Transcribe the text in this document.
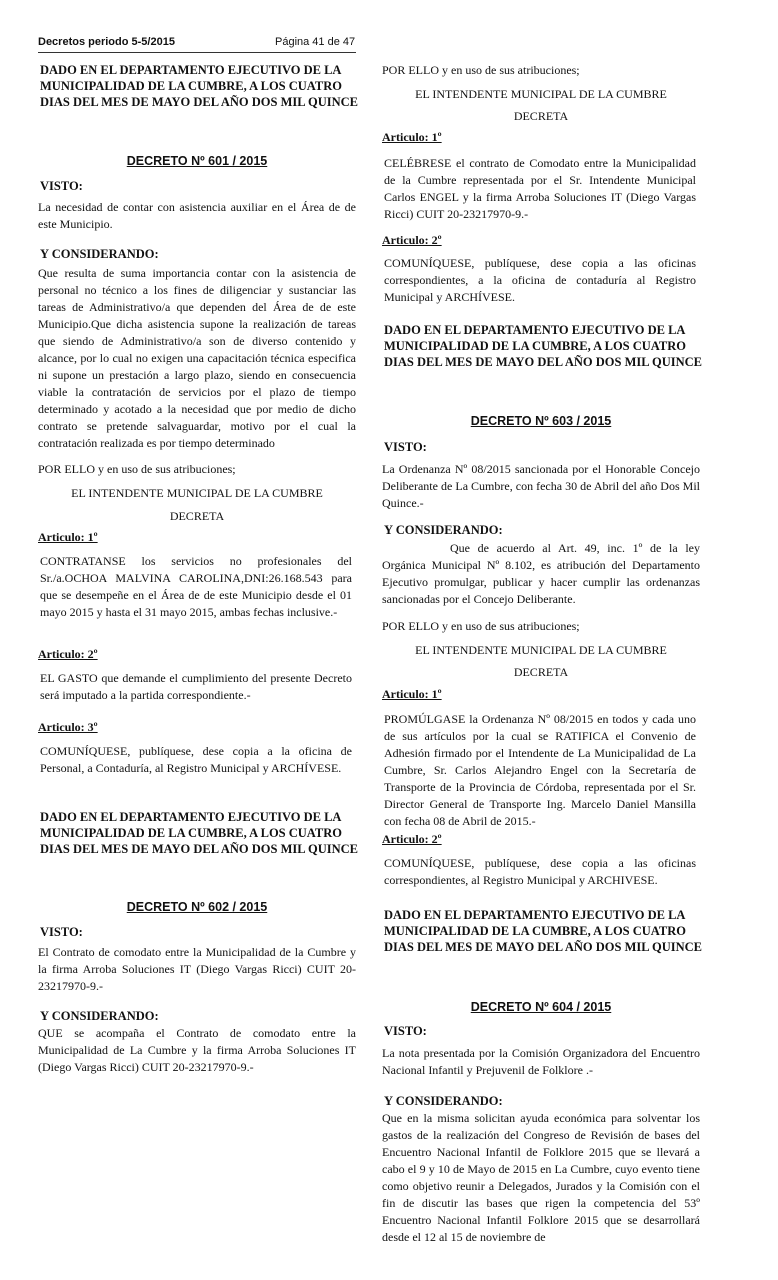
Decretos periodo 5-5/2015	Página 41 de 47
DADO EN EL DEPARTAMENTO EJECUTIVO DE LA MUNICIPALIDAD DE LA CUMBRE, A LOS CUATRO DIAS DEL MES DE MAYO DEL AÑO DOS MIL QUINCE
DECRETO Nº 601 / 2015
VISTO:
La necesidad de contar con asistencia auxiliar en el Área de de este Municipio.
Y CONSIDERANDO:
Que resulta de suma importancia contar con la asistencia de personal no técnico a los fines de diligenciar y sustanciar las tareas de Administrativo/a que dependen del Área de de este Municipio.Que dicha asistencia supone la realización de tareas que siendo de Administrativo/a son de diverso contenido y alcance, por lo cual no exigen una capacitación técnica especifica ni supone un prestación a largo plazo, siendo en consecuencia viable la contratación de servicios por el plazo de tiempo determinado y acotado a la necesidad que por medio de dicho contrato se pretende salvaguardar, motivo por el cual la contratación realizada es por tiempo determinado
POR ELLO y en uso de sus atribuciones;
EL INTENDENTE MUNICIPAL DE LA CUMBRE
DECRETA
Articulo: 1º
CONTRATANSE los servicios no profesionales del Sr./a.OCHOA MALVINA CAROLINA,DNI:26.168.543 para que se desempeñe en el Área de de este Municipio desde el 01 mayo 2015 y hasta el 31 mayo 2015, ambas fechas inclusive.-
Articulo: 2º
EL GASTO que demande el cumplimiento del presente Decreto será imputado a la partida correspondiente.-
Articulo: 3º
COMUNÍQUESE, publíquese, dese copia a la oficina de Personal, a Contaduría, al Registro Municipal y ARCHÍVESE.
DADO EN EL DEPARTAMENTO EJECUTIVO DE LA MUNICIPALIDAD DE LA CUMBRE, A LOS CUATRO DIAS DEL MES DE MAYO DEL AÑO DOS MIL QUINCE
DECRETO Nº 602 / 2015
VISTO:
El Contrato de comodato entre la Municipalidad de la Cumbre y la firma Arroba Soluciones IT (Diego Vargas Ricci) CUIT 20-23217970-9.-
Y CONSIDERANDO:
QUE se acompaña el Contrato de comodato entre la Municipalidad de La Cumbre y la firma Arroba Soluciones IT (Diego Vargas Ricci) CUIT 20-23217970-9.-
POR ELLO y en uso de sus atribuciones;
EL INTENDENTE MUNICIPAL DE LA CUMBRE
DECRETA
Articulo: 1º
CELÉBRESE el contrato de Comodato entre la Municipalidad de la Cumbre representada por el Sr. Intendente Municipal Carlos ENGEL y la firma Arroba Soluciones IT (Diego Vargas Ricci) CUIT 20-23217970-9.-
Articulo: 2º
COMUNÍQUESE, publíquese, dese copia a las oficinas correspondientes, a la oficina de contaduría al Registro Municipal y ARCHÍVESE.
DADO EN EL DEPARTAMENTO EJECUTIVO DE LA MUNICIPALIDAD DE LA CUMBRE, A LOS CUATRO DIAS DEL MES DE MAYO DEL AÑO DOS MIL QUINCE
DECRETO Nº 603 / 2015
VISTO:
La Ordenanza Nº 08/2015 sancionada por el Honorable Concejo Deliberante de La Cumbre, con fecha 30 de Abril del año Dos Mil Quince.-
Y CONSIDERANDO:
Que de acuerdo al Art. 49, inc. 1º de la ley Orgánica Municipal Nº 8.102, es atribución del Departamento Ejecutivo promulgar, publicar y hacer cumplir las ordenanzas sancionadas por el Concejo Deliberante.
POR ELLO y en uso de sus atribuciones;
EL INTENDENTE MUNICIPAL DE LA CUMBRE
DECRETA
Articulo: 1º
PROMÚLGASE la Ordenanza Nº 08/2015 en todos y cada uno de sus artículos por la cual se RATIFICA el Convenio de Adhesión firmado por el Intendente de La Municipalidad de La Cumbre, Sr. Carlos Alejandro Engel con la Secretaría de Transporte de la Provincia de Córdoba, representada por el Sr. Director General de Transporte Ing. Marcelo Daniel Mansilla con fecha 08 de Abril de 2015.-
Articulo: 2º
COMUNÍQUESE, publíquese, dese copia a las oficinas correspondientes, al Registro Municipal y ARCHIVESE.
DADO EN EL DEPARTAMENTO EJECUTIVO DE LA MUNICIPALIDAD DE LA CUMBRE, A LOS CUATRO DIAS DEL MES DE MAYO DEL AÑO DOS MIL QUINCE
DECRETO Nº 604 / 2015
VISTO:
La nota presentada por la Comisión Organizadora del Encuentro Nacional Infantil y Prejuvenil de Folklore .-
Y CONSIDERANDO:
Que en la misma solicitan ayuda económica para solventar los gastos de la realización del Congreso de Revisión de bases del Encuentro Nacional Infantil de Folklore 2015 que se llevará a cabo el 9 y 10 de Mayo de 2015 en La Cumbre, cuyo evento tiene como objetivo reunir a Delegados, Jurados y la Comisión con el fin de discutir las bases que rigen la competencia del 53º Encuentro Nacional Infantil Folklore 2015 que se desarrollará desde el 12 al 15 de noviembre de
